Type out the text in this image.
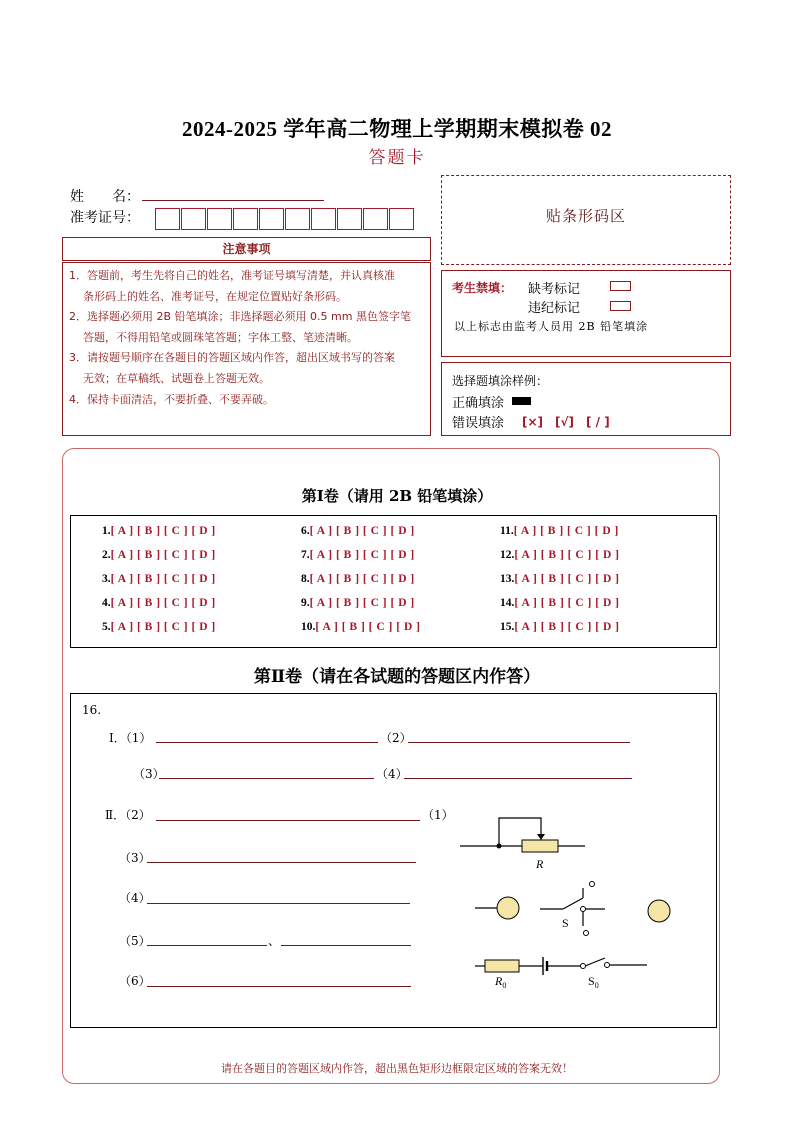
2024-2025 学年高二物理上学期期末模拟卷 02
答题卡
姓　　名：
准考证号：	贴条形码区
注意事项

1．答题前，考生先将自己的姓名，准考证号填写清楚，并认真核准

条形码上的姓名、准考证号，在规定位置贴好条形码。

2．选择题必须用 2B 铅笔填涂；非选择题必须用 0.5 mm 黑色签字笔

答题，不得用铅笔或圆珠笔答题；字体工整、笔迹清晰。

3．请按题号顺序在各题目的答题区域内作答，超出区域书写的答案

无效；在草稿纸、试题卷上答题无效。

4．保持卡面清洁，不要折叠、不要弄破。

考生禁填： 缺考标记
违纪标记
以上标志由监考人员用 2B 铅笔填涂
选择题填涂样例：
正确填涂
错误填涂 [×]　[√]　[ / ]
第Ⅰ卷（请用 2B 铅笔填涂）
1.[ A ] [ B ] [ C ] [ D ]
2.[ A ] [ B ] [ C ] [ D ]
3.[ A ] [ B ] [ C ] [ D ]
4.[ A ] [ B ] [ C ] [ D ]
5.[ A ] [ B ] [ C ] [ D ]
6.[ A ] [ B ] [ C ] [ D ]
7.[ A ] [ B ] [ C ] [ D ]
8.[ A ] [ B ] [ C ] [ D ]
9.[ A ] [ B ] [ C ] [ D ]
10.[ A ] [ B ] [ C ] [ D ]
11.[ A ] [ B ] [ C ] [ D ]
12.[ A ] [ B ] [ C ] [ D ]
13.[ A ] [ B ] [ C ] [ D ]
14.[ A ] [ B ] [ C ] [ D ]
15.[ A ] [ B ] [ C ] [ D ]
第Ⅱ卷（请在各试题的答题区内作答）
16.
Ⅰ．（1）	（2）
（3）	（4）
Ⅱ．（2）	（1）
（3）
（4）
（5）	、
（6）
R
S
$R_0$	$S_0$
请在各题目的答题区域内作答，超出黑色矩形边框限定区域的答案无效！
